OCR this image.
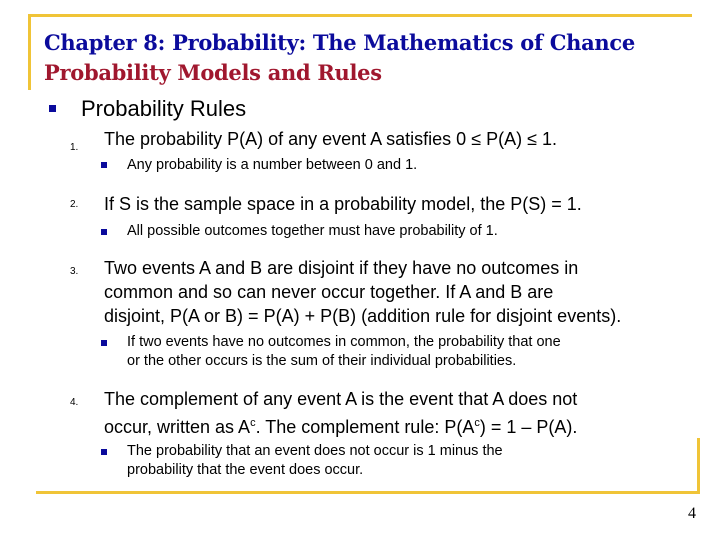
Chapter 8: Probability: The Mathematics of Chance
Probability Models and Rules
Probability Rules
1. The probability P(A) of any event A satisfies 0 ≤ P(A) ≤ 1.
Any probability is a number between 0 and 1.
2. If S is the sample space in a probability model, the P(S) = 1.
All possible outcomes together must have probability of 1.
3. Two events A and B are disjoint if they have no outcomes in
common and so can never occur together. If A and B are
disjoint, P(A or B) = P(A) + P(B) (addition rule for disjoint events).
If two events have no outcomes in common, the probability that one
or the other occurs is the sum of their individual probabilities.
4. The complement of any event A is the event that A does not
occur, written as $A^c$. The complement rule: $P(A^c) = 1 - P(A)$.
The probability that an event does not occur is 1 minus the
probability that the event does occur.
4
